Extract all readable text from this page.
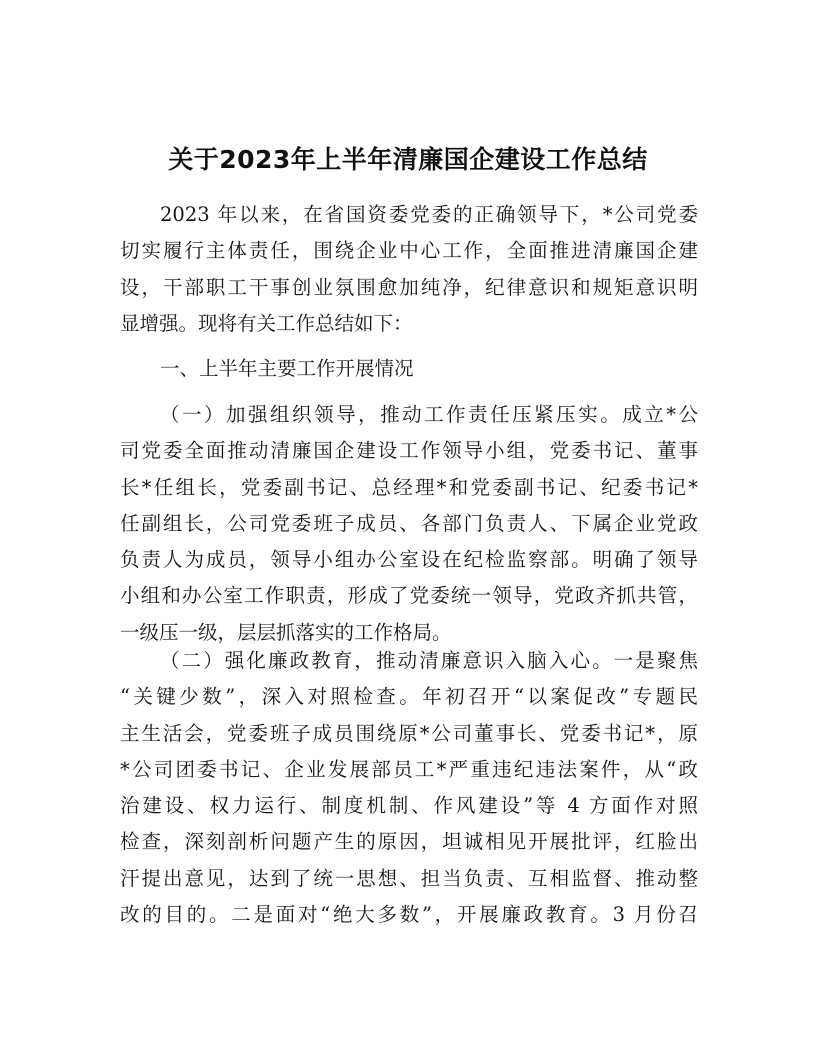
关于2023年上半年清廉国企建设工作总结
2023 年以来，在省国资委党委的正确领导下，*公司党委
切实履行主体责任，围绕企业中心工作，全面推进清廉国企建
设，干部职工干事创业氛围愈加纯净，纪律意识和规矩意识明
显增强。现将有关工作总结如下：
一、上半年主要工作开展情况
（一）加强组织领导，推动工作责任压紧压实。成立*公
司党委全面推动清廉国企建设工作领导小组，党委书记、董事
长*任组长，党委副书记、总经理*和党委副书记、纪委书记*
任副组长，公司党委班子成员、各部门负责人、下属企业党政
负责人为成员，领导小组办公室设在纪检监察部。明确了领导
小组和办公室工作职责，形成了党委统一领导，党政齐抓共管，
一级压一级，层层抓落实的工作格局。
（二）强化廉政教育，推动清廉意识入脑入心。一是聚焦
“关键少数”，深入对照检查。年初召开“以案促改”专题民
主生活会，党委班子成员围绕原*公司董事长、党委书记*，原
*公司团委书记、企业发展部员工*严重违纪违法案件，从“政
治建设、权力运行、制度机制、作风建设”等 4 方面作对照
检查，深刻剖析问题产生的原因，坦诚相见开展批评，红脸出
汗提出意见，达到了统一思想、担当负责、互相监督、推动整
改的目的。二是面对“绝大多数”，开展廉政教育。3 月份召
